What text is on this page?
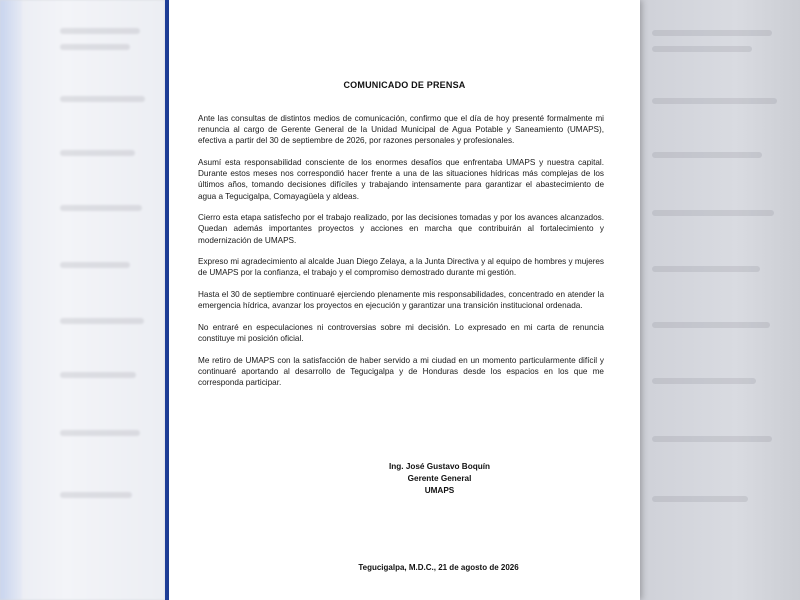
COMUNICADO DE PRENSA

Ante las consultas de distintos medios de comunicación, confirmo que el día de hoy presenté formalmente mi renuncia al cargo de Gerente General de la Unidad Municipal de Agua Potable y Saneamiento (UMAPS), efectiva a partir del 30 de septiembre de 2026, por razones personales y profesionales.

Asumí esta responsabilidad consciente de los enormes desafíos que enfrentaba UMAPS y nuestra capital. Durante estos meses nos correspondió hacer frente a una de las situaciones hídricas más complejas de los últimos años, tomando decisiones difíciles y trabajando intensamente para garantizar el abastecimiento de agua a Tegucigalpa, Comayagüela y aldeas.

Cierro esta etapa satisfecho por el trabajo realizado, por las decisiones tomadas y por los avances alcanzados. Quedan además importantes proyectos y acciones en marcha que contribuirán al fortalecimiento y modernización de UMAPS.

Expreso mi agradecimiento al alcalde Juan Diego Zelaya, a la Junta Directiva y al equipo de hombres y mujeres de UMAPS por la confianza, el trabajo y el compromiso demostrado durante mi gestión.

Hasta el 30 de septiembre continuaré ejerciendo plenamente mis responsabilidades, concentrado en atender la emergencia hídrica, avanzar los proyectos en ejecución y garantizar una transición institucional ordenada.

No entraré en especulaciones ni controversias sobre mi decisión. Lo expresado en mi carta de renuncia constituye mi posición oficial.

Me retiro de UMAPS con la satisfacción de haber servido a mi ciudad en un momento particularmente difícil y continuaré aportando al desarrollo de Tegucigalpa y de Honduras desde los espacios en los que me corresponda participar.

Ing. José Gustavo Boquín
Gerente General
UMAPS
Tegucigalpa, M.D.C., 21 de agosto de 2026
